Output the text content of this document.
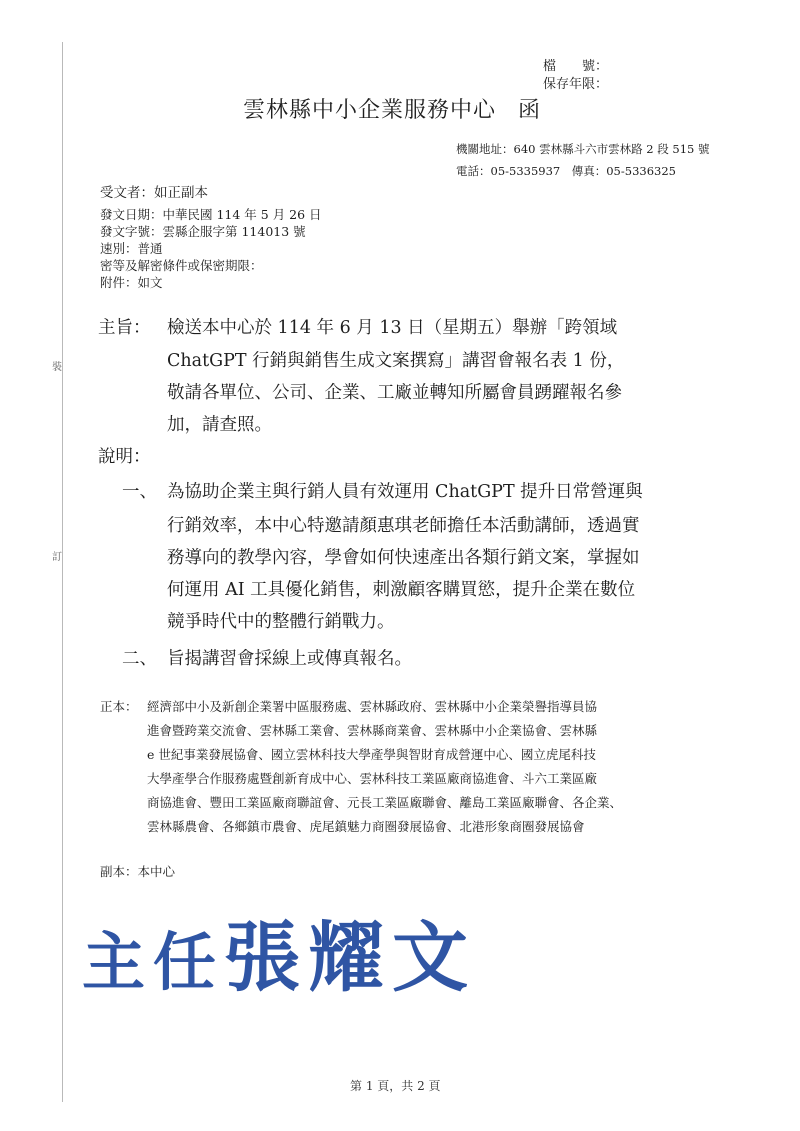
裝
訂
檔　　號：
保存年限：
雲林縣中小企業服務中心 函
機關地址：640 雲林縣斗六市雲林路 2 段 515 號
電話：05-5335937　傳真：05-5336325
受文者：如正副本
發文日期：中華民國 114 年 5 月 26 日
發文字號：雲縣企服字第 114013 號
速別：普通
密等及解密條件或保密期限：
附件：如文
主旨： 檢送本中心於 114 年 6 月 13 日（星期五）舉辦「跨領域
ChatGPT 行銷與銷售生成文案撰寫」講習會報名表 1 份，
敬請各單位、公司、企業、工廠並轉知所屬會員踴躍報名參
加，請查照。
說明：
一、 為協助企業主與行銷人員有效運用 ChatGPT 提升日常營運與
行銷效率，本中心特邀請顏惠琪老師擔任本活動講師，透過實
務導向的教學內容，學會如何快速產出各類行銷文案，掌握如
何運用 AI 工具優化銷售，刺激顧客購買慾，提升企業在數位
競爭時代中的整體行銷戰力。
二、 旨揭講習會採線上或傳真報名。
正本： 經濟部中小及新創企業署中區服務處、雲林縣政府、雲林縣中小企業榮譽指導員協
進會暨跨業交流會、雲林縣工業會、雲林縣商業會、雲林縣中小企業協會、雲林縣
e 世紀事業發展協會、國立雲林科技大學產學與智財育成營運中心、國立虎尾科技
大學產學合作服務處暨創新育成中心、雲林科技工業區廠商協進會、斗六工業區廠
商協進會、豐田工業區廠商聯誼會、元長工業區廠聯會、離島工業區廠聯會、各企業、
雲林縣農會、各鄉鎮市農會、虎尾鎮魅力商圈發展協會、北港形象商圈發展協會
副本：本中心
主任張耀文
第 1 頁，共 2 頁
